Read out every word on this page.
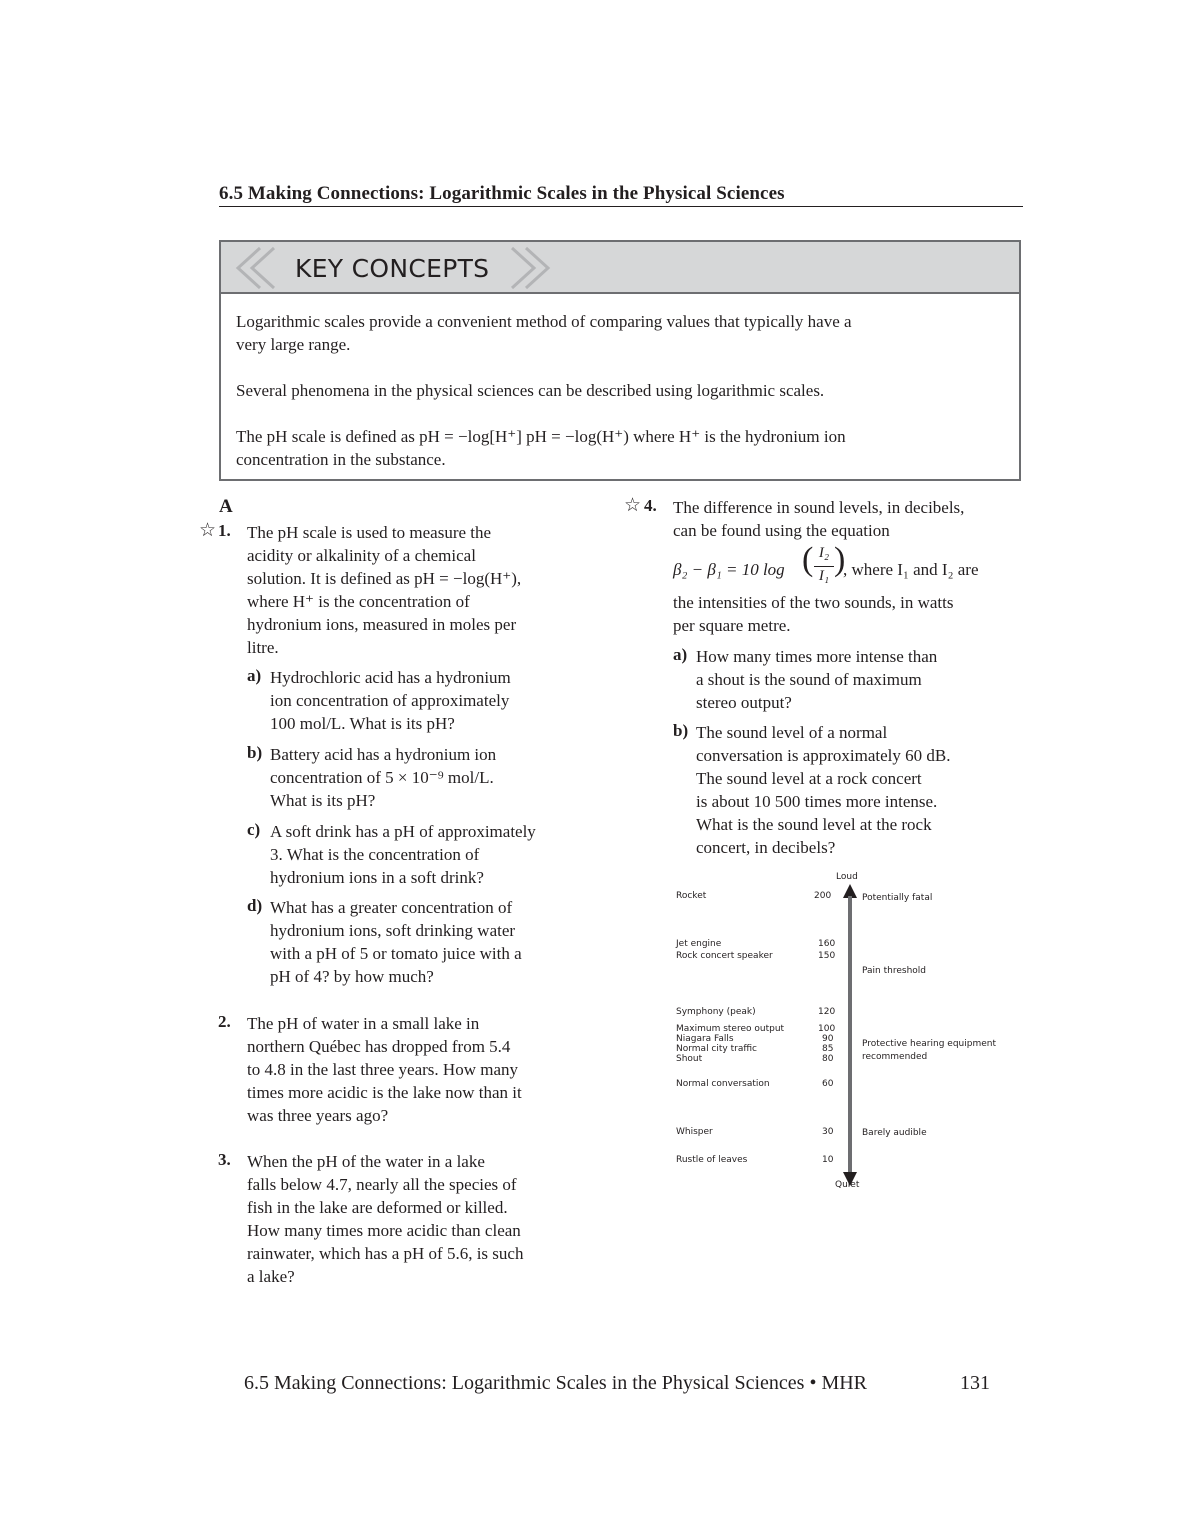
6.5 Making Connections: Logarithmic Scales in the Physical Sciences
KEY CONCEPTS
Logarithmic scales provide a convenient method of comparing values that typically have a
very large range.
Several phenomena in the physical sciences can be described using logarithmic scales.
The pH scale is defined as pH = −log[H⁺] pH = −log(H⁺) where H⁺ is the hydronium ion
concentration in the substance.
A
☆ 1. The pH scale is used to measure the
acidity or alkalinity of a chemical
solution. It is defined as pH = −log(H⁺),
where H⁺ is the concentration of
hydronium ions, measured in moles per
litre.
a) Hydrochloric acid has a hydronium
ion concentration of approximately
100 mol/L. What is its pH?
b) Battery acid has a hydronium ion
concentration of 5 × 10⁻⁹ mol/L.
What is its pH?
c) A soft drink has a pH of approximately
3. What is the concentration of
hydronium ions in a soft drink?
d) What has a greater concentration of
hydronium ions, soft drinking water
with a pH of 5 or tomato juice with a
pH of 4? by how much?
2. The pH of water in a small lake in
northern Québec has dropped from 5.4
to 4.8 in the last three years. How many
times more acidic is the lake now than it
was three years ago?
3. When the pH of the water in a lake
falls below 4.7, nearly all the species of
fish in the lake are deformed or killed.
How many times more acidic than clean
rainwater, which has a pH of 5.6, is such
a lake?
☆ 4. The difference in sound levels, in decibels,
can be found using the equation
β₂ − β₁ = 10 log ( I₂
I₁ )
, where I₁ and I₂ are
the intensities of the two sounds, in watts
per square metre.
a) How many times more intense than
a shout is the sound of maximum
stereo output?
b) The sound level of a normal
conversation is approximately 60 dB.
The sound level at a rock concert
is about 10 500 times more intense.
What is the sound level at the rock
concert, in decibels?
Loud
Quiet
Rocket	200
Jet engine	160
Rock concert speaker	150
Symphony (peak)	120
Maximum stereo output	100
Niagara Falls	90
Normal city traffic	85
Shout	80
Normal conversation	60
Whisper	30
Rustle of leaves	10
Potentially fatal
Pain threshold
Protective hearing equipment
recommended
Barely audible
6.5 Making Connections: Logarithmic Scales in the Physical Sciences • MHR	131
